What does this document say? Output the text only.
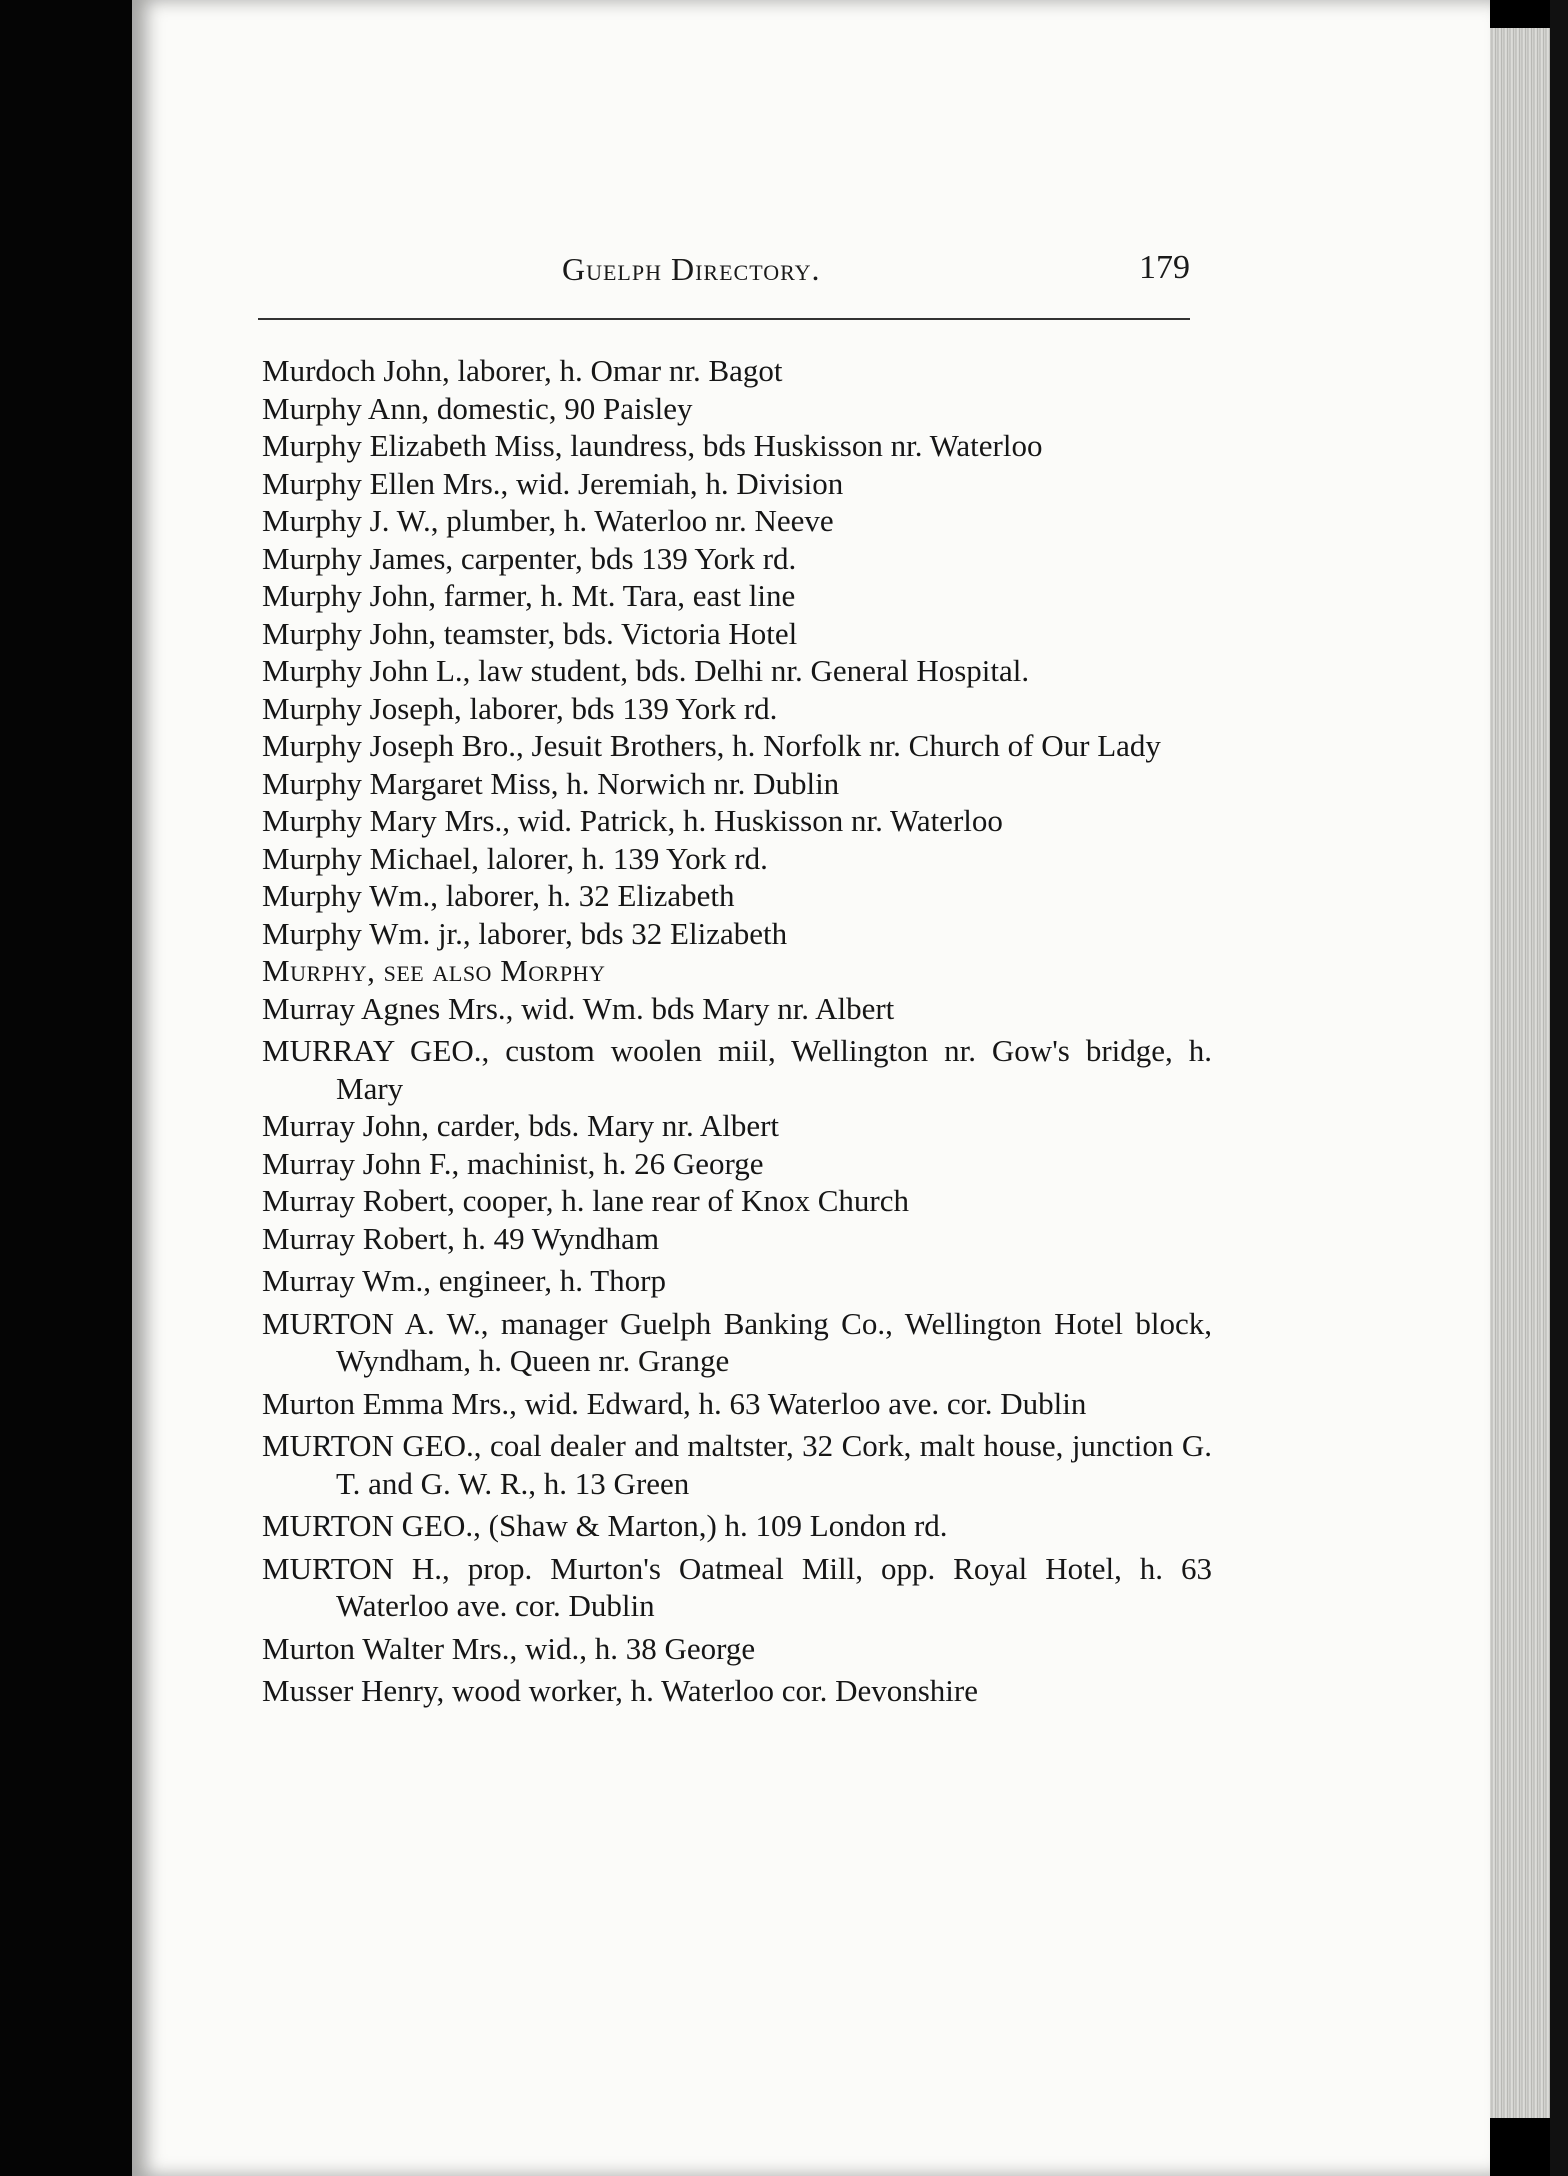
Guelph Directory.	179
Murdoch John, laborer, h. Omar nr. Bagot
Murphy Ann, domestic, 90 Paisley
Murphy Elizabeth Miss, laundress, bds Huskisson nr. Waterloo
Murphy Ellen Mrs., wid. Jeremiah, h. Division
Murphy J. W., plumber, h. Waterloo nr. Neeve
Murphy James, carpenter, bds 139 York rd.
Murphy John, farmer, h. Mt. Tara, east line
Murphy John, teamster, bds. Victoria Hotel
Murphy John L., law student, bds. Delhi nr. General Hospital.
Murphy Joseph, laborer, bds 139 York rd.
Murphy Joseph Bro., Jesuit Brothers, h. Norfolk nr. Church of Our Lady
Murphy Margaret Miss, h. Norwich nr. Dublin
Murphy Mary Mrs., wid. Patrick, h. Huskisson nr. Waterloo
Murphy Michael, lalorer, h. 139 York rd.
Murphy Wm., laborer, h. 32 Elizabeth
Murphy Wm. jr., laborer, bds 32 Elizabeth
Murphy, see also Morphy
Murray Agnes Mrs., wid. Wm. bds Mary nr. Albert
MURRAY GEO., custom woolen miil, Wellington nr. Gow's bridge, h. Mary
Murray John, carder, bds. Mary nr. Albert
Murray John F., machinist, h. 26 George
Murray Robert, cooper, h. lane rear of Knox Church
Murray Robert, h. 49 Wyndham
Murray Wm., engineer, h. Thorp
MURTON A. W., manager Guelph Banking Co., Wellington Hotel block, Wyndham, h. Queen nr. Grange
Murton Emma Mrs., wid. Edward, h. 63 Waterloo ave. cor. Dublin
MURTON GEO., coal dealer and maltster, 32 Cork, malt house, junction G. T. and G. W. R., h. 13 Green
MURTON GEO., (Shaw & Marton,) h. 109 London rd.
MURTON H., prop. Murton's Oatmeal Mill, opp. Royal Hotel, h. 63 Waterloo ave. cor. Dublin
Murton Walter Mrs., wid., h. 38 George
Musser Henry, wood worker, h. Waterloo cor. Devonshire
